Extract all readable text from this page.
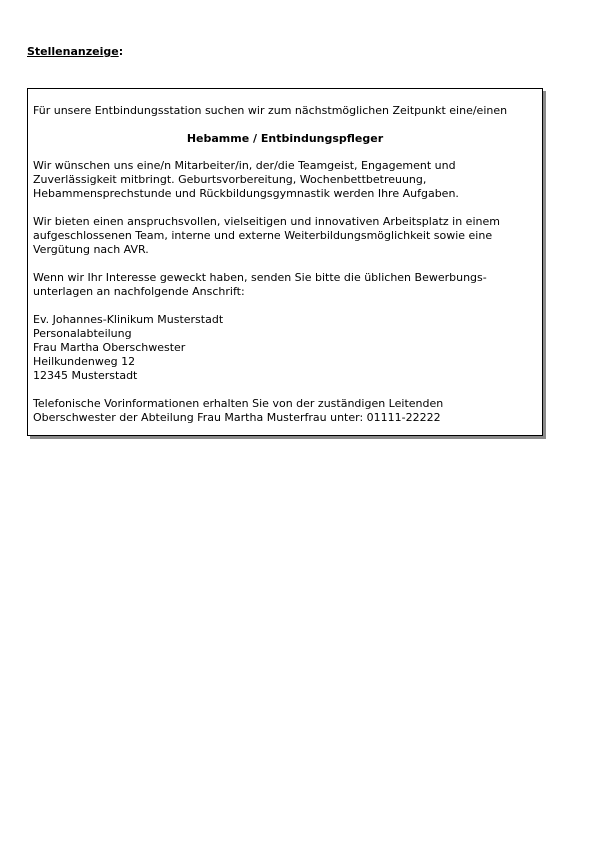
Stellenanzeige:

Für unsere Entbindungsstation suchen wir zum nächstmöglichen Zeitpunkt eine/einen

Hebamme / Entbindungspfleger

Wir wünschen uns eine/n Mitarbeiter/in, der/die Teamgeist, Engagement und
Zuverlässigkeit mitbringt. Geburtsvorbereitung, Wochenbettbetreuung,
Hebammensprechstunde und Rückbildungsgymnastik werden Ihre Aufgaben.

Wir bieten einen anspruchsvollen, vielseitigen und innovativen Arbeitsplatz in einem
aufgeschlossenen Team, interne und externe Weiterbildungsmöglichkeit sowie eine
Vergütung nach AVR.

Wenn wir Ihr Interesse geweckt haben, senden Sie bitte die üblichen Bewerbungs-
unterlagen an nachfolgende Anschrift:

Ev. Johannes-Klinikum Musterstadt
Personalabteilung
Frau Martha Oberschwester
Heilkundenweg 12
12345 Musterstadt

Telefonische Vorinformationen erhalten Sie von der zuständigen Leitenden
Oberschwester der Abteilung Frau Martha Musterfrau unter: 01111-22222
